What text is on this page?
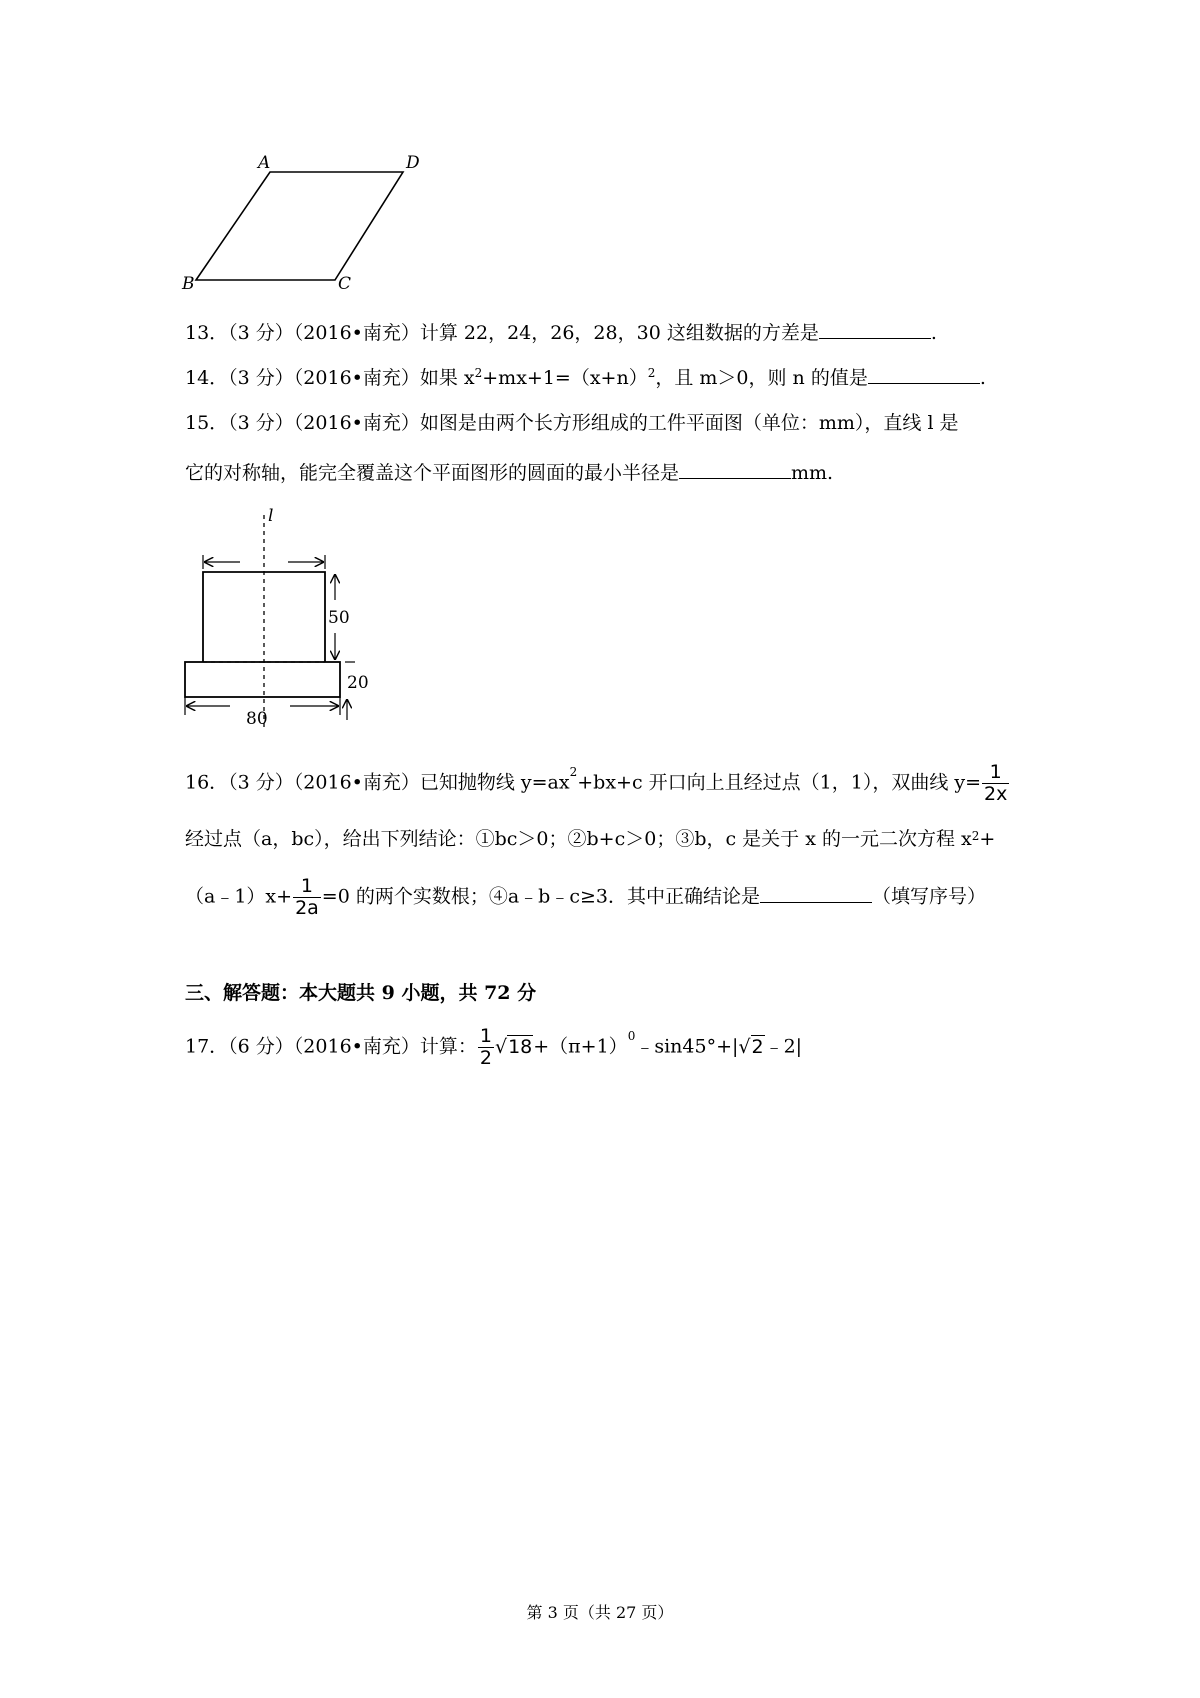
A	D
B	C
13．（3 分）（2016•南充）计算 22，24，26，28，30 这组数据的方差是	.
14．（3 分）（2016•南充）如果 $x^2+mx+1=(x+n)^2$，且 m＞0，则 n 的值是	.
15．（3 分）（2016•南充）如图是由两个长方形组成的工件平面图（单位：mm），直线 l 是
它的对称轴，能完全覆盖这个平面图形的圆面的最小半径是	mm.
l
50
20
80
16．（3 分）（2016•南充）已知抛物线 $y=ax^2+bx+c$ 开口向上且经过点（1，1），双曲线 $y= \frac{1}{2x}$
经过点（a，bc），给出下列结论：①bc＞0；②b+c＞0；③b，c 是关于 x 的一元二次方程 $x^2+$
（a﹣1）x+ $\frac{1}{2a} =0$ 的两个实数根；④a﹣b﹣c≥3．其中正确结论是	（填写序号）
三、解答题：本大题共 9 小题，共 72 分
17．（6 分）（2016•南充）计算： $\frac{1}{2}$ $√18+(\pi+1)^0﹣\sin 45^\circ+|√2﹣2|$
第 3 页（共 27 页）
